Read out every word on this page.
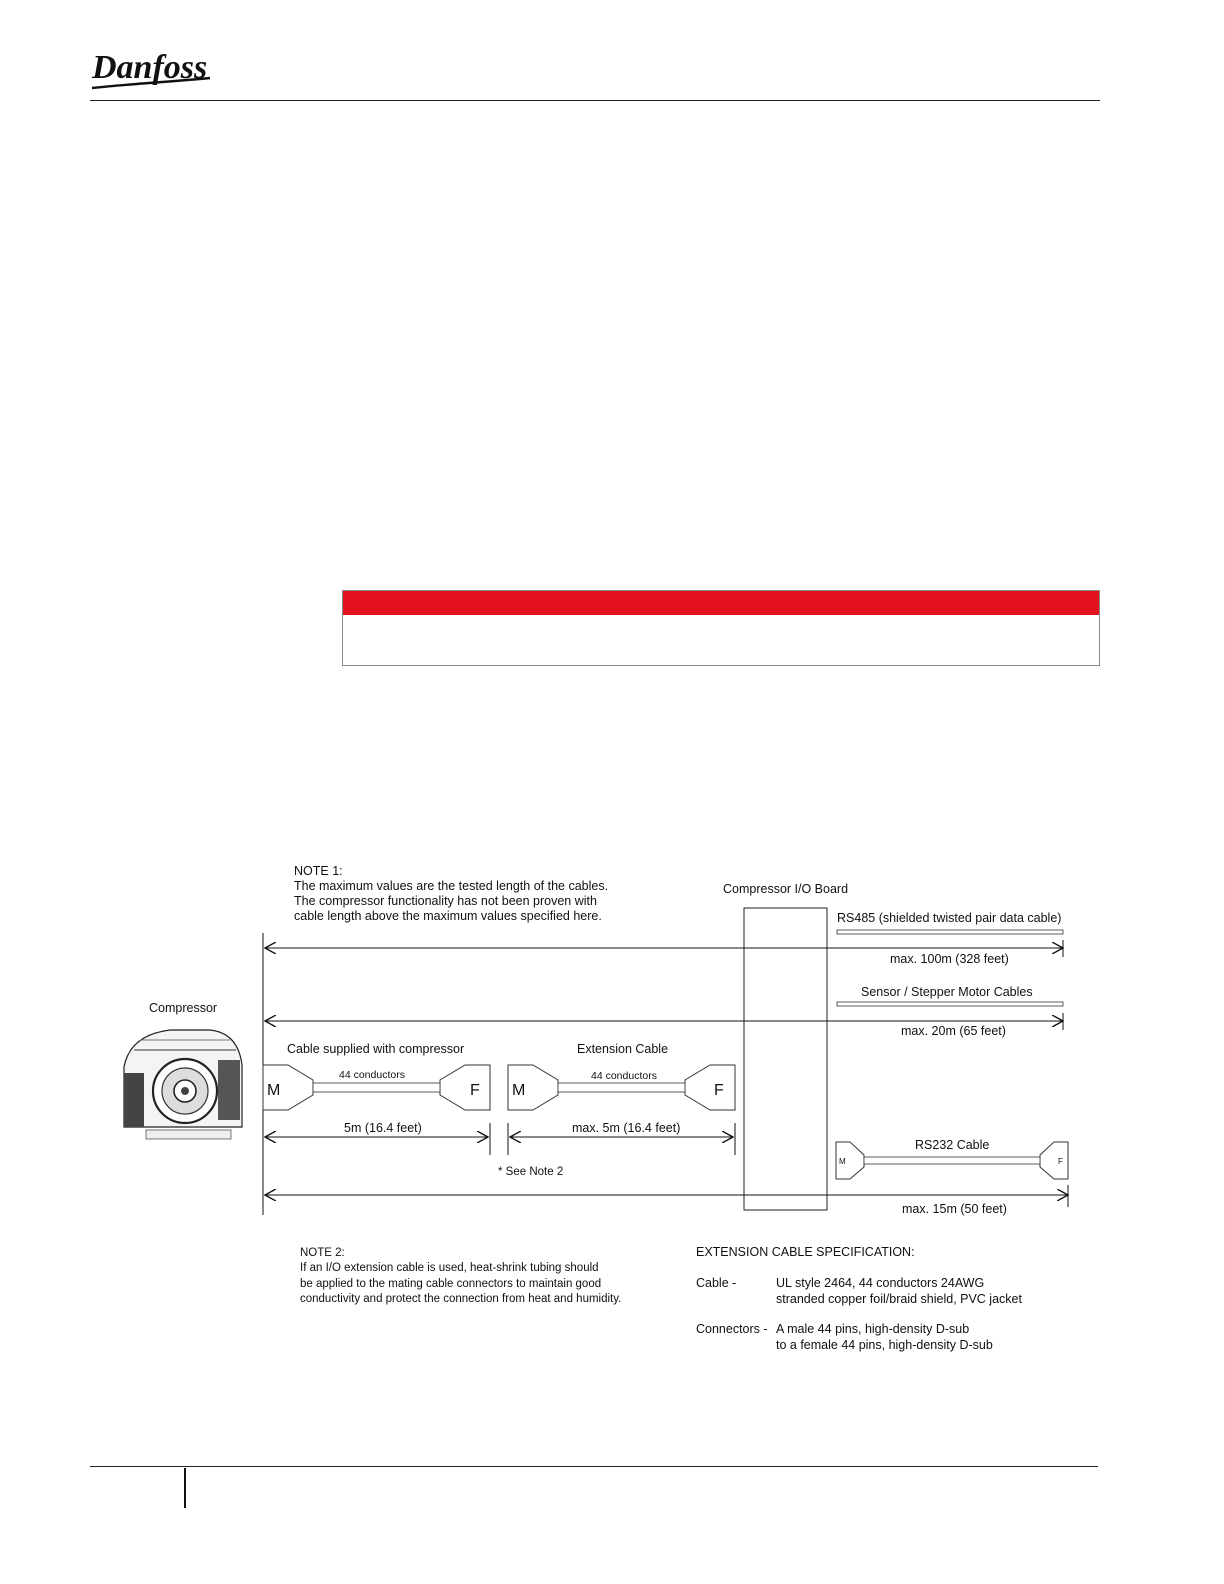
Danfoss
NOTE 1:
The maximum values are the tested length of the cables.
The compressor functionality has not been proven with
cable length above the maximum values specified here.
Compressor I/O Board
RS485 (shielded twisted pair data cable)
max. 100m (328 feet)
Sensor / Stepper Motor Cables
max. 20m (65 feet)
Compressor
Cable supplied with compressor
M	F
44 conductors
5m (16.4 feet)
Extension Cable
M	F
44 conductors
max. 5m (16.4 feet)
* See Note 2
RS232 Cable
M	F
max. 15m (50 feet)
NOTE 2:
If an I/O extension cable is used, heat-shrink tubing should
be applied to the mating cable connectors to maintain good
conductivity and protect the connection from heat and humidity.
EXTENSION CABLE SPECIFICATION:
Cable -	UL style 2464, 44 conductors 24AWG
stranded copper foil/braid shield, PVC jacket
Connectors - A male 44 pins, high-density D-sub
to a female 44 pins, high-density D-sub
